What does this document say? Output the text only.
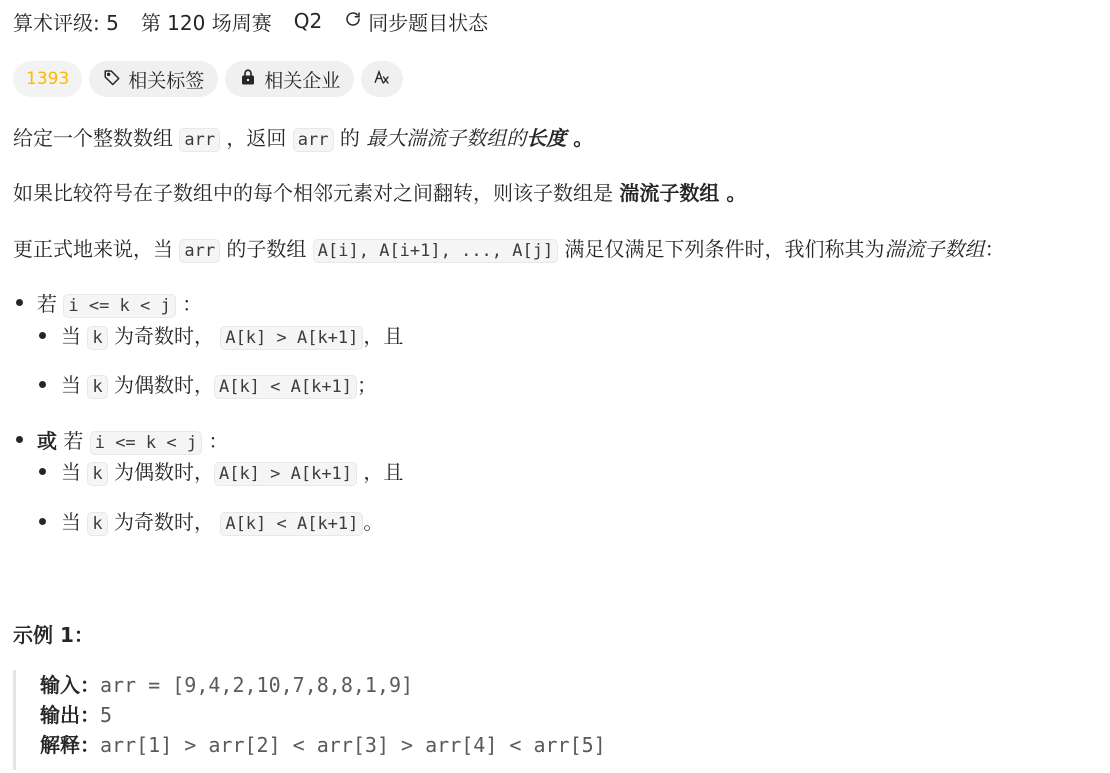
算术评级: 5 第 120 场周赛 Q2 同步题目状态
1393	相关标签	相关企业
给定一个整数数组 arr ，返回 arr 的 最大湍流子数组的长度 。
如果比较符号在子数组中的每个相邻元素对之间翻转，则该子数组是 湍流子数组 。
更正式地来说，当 arr 的子数组 A[i], A[i+1], ..., A[j] 满足仅满足下列条件时，我们称其为湍流子数组：
若 i <= k < j ：
当 k 为奇数时， A[k] > A[k+1] ，且
当 k 为偶数时， A[k] < A[k+1] ；
或 若 i <= k < j ：
当 k 为偶数时， A[k] > A[k+1] ，且
当 k 为奇数时， A[k] < A[k+1] 。
示例 1：
输入：arr = [9,4,2,10,7,8,8,1,9]
输出：5
解释：arr[1] > arr[2] < arr[3] > arr[4] < arr[5]
